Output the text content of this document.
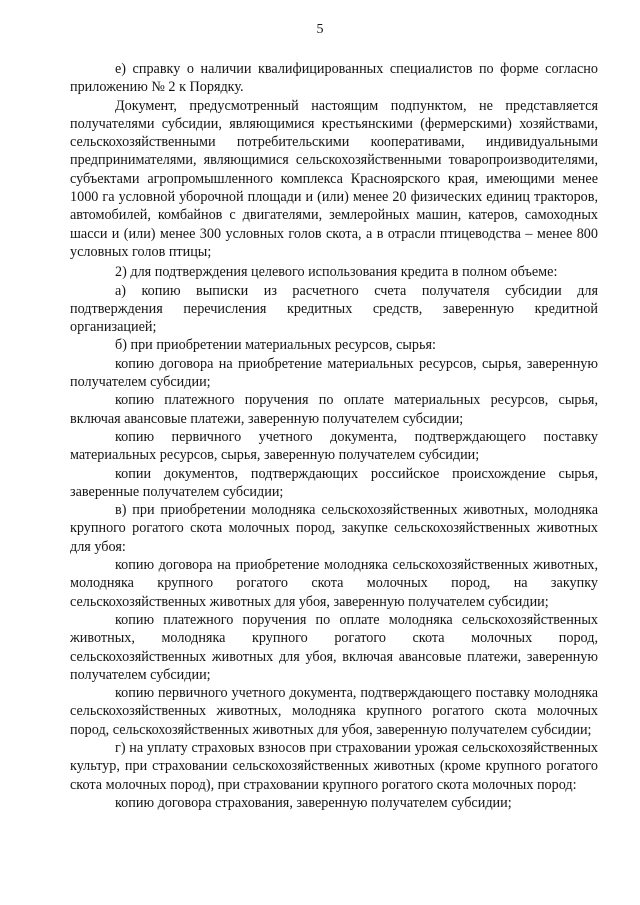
5

е) справку о наличии квалифицированных специалистов по форме согласно приложению № 2 к Порядку.

Документ, предусмотренный настоящим подпунктом, не представляется получателями субсидии, являющимися крестьянскими (фермерскими) хозяйствами, сельскохозяйственными потребительскими кооперативами, индивидуальными предпринимателями, являющимися сельскохозяйственными товаропроизводителями, субъектами агропромышленного комплекса Красноярского края, имеющими менее 1000 га условной уборочной площади и (или) менее 20 физических единиц тракторов, автомобилей, комбайнов с двигателями, землеройных машин, катеров, самоходных шасси и (или) менее 300 условных голов скота, а в отрасли птицеводства – менее 800 условных голов птицы;

2) для подтверждения целевого использования кредита в полном объеме:

а) копию выписки из расчетного счета получателя субсидии для подтверждения перечисления кредитных средств, заверенную кредитной организацией;

б) при приобретении материальных ресурсов, сырья:

копию договора на приобретение материальных ресурсов, сырья, заверенную получателем субсидии;

копию платежного поручения по оплате материальных ресурсов, сырья, включая авансовые платежи, заверенную получателем субсидии;

копию первичного учетного документа, подтверждающего поставку материальных ресурсов, сырья, заверенную получателем субсидии;

копии документов, подтверждающих российское происхождение сырья, заверенные получателем субсидии;

в) при приобретении молодняка сельскохозяйственных животных, молодняка крупного рогатого скота молочных пород, закупке сельскохозяйственных животных для убоя:

копию договора на приобретение молодняка сельскохозяйственных животных, молодняка крупного рогатого скота молочных пород, на закупку сельскохозяйственных животных для убоя, заверенную получателем субсидии;

копию платежного поручения по оплате молодняка сельскохозяйственных животных, молодняка крупного рогатого скота молочных пород, сельскохозяйственных животных для убоя, включая авансовые платежи, заверенную получателем субсидии;

копию первичного учетного документа, подтверждающего поставку молодняка сельскохозяйственных животных, молодняка крупного рогатого скота молочных пород, сельскохозяйственных животных для убоя, заверенную получателем субсидии;

г) на уплату страховых взносов при страховании урожая сельскохозяйственных культур, при страховании сельскохозяйственных животных (кроме крупного рогатого скота молочных пород), при страховании крупного рогатого скота молочных пород:

копию договора страхования, заверенную получателем субсидии;
